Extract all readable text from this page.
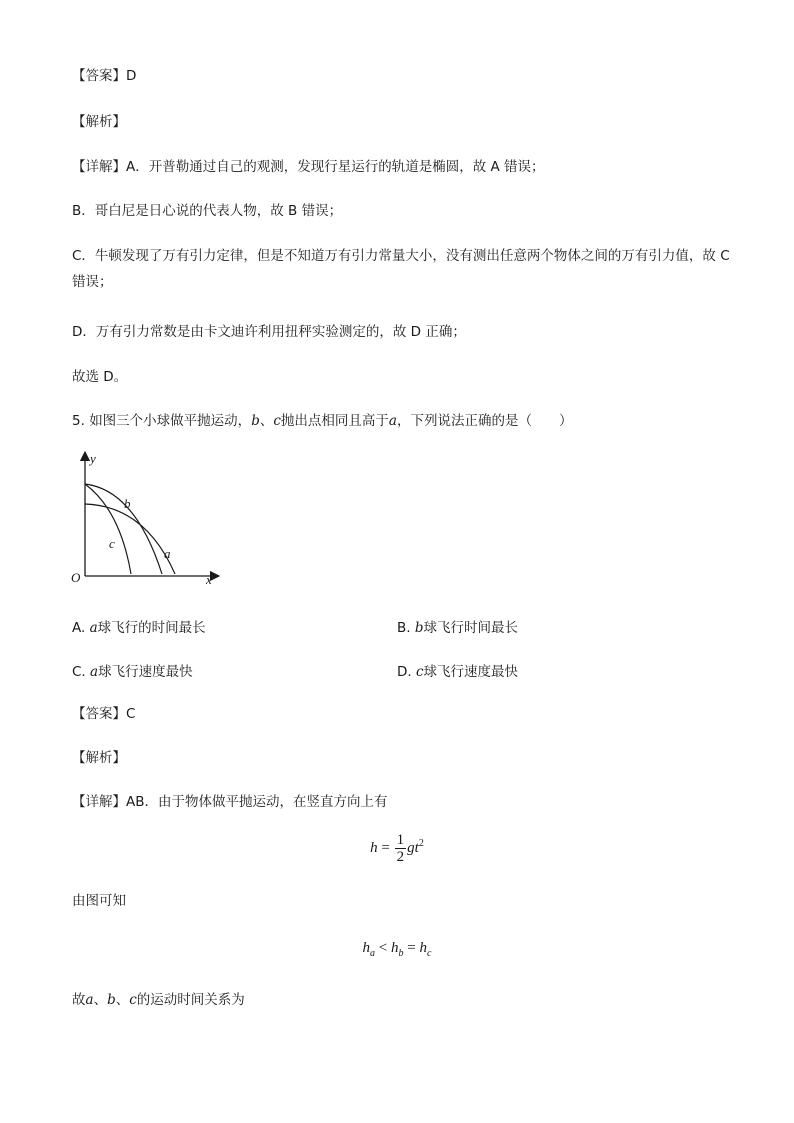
【答案】D
【解析】
【详解】A．开普勒通过自己的观测，发现行星运行的轨道是椭圆，故 A 错误；
B．哥白尼是日心说的代表人物，故 B 错误；
C．牛顿发现了万有引力定律，但是不知道万有引力常量大小，没有测出任意两个物体之间的万有引力值，故 C 错误；
D．万有引力常数是由卡文迪许利用扭秤实验测定的，故 D 正确；
故选 D。
5. 如图三个小球做平抛运动，b、c抛出点相同且高于a，下列说法正确的是（　　）
y
x
O
b
c
a
A. a球飞行的时间最长	B. b球飞行时间最长
C. a球飞行速度最快	D. c球飞行速度最快
【答案】C
【解析】
【详解】AB．由于物体做平抛运动，在竖直方向上有
$h = \frac{1}{2} gt^2$
由图可知
$h_a < h_b = h_c$
故a、b、c的运动时间关系为
